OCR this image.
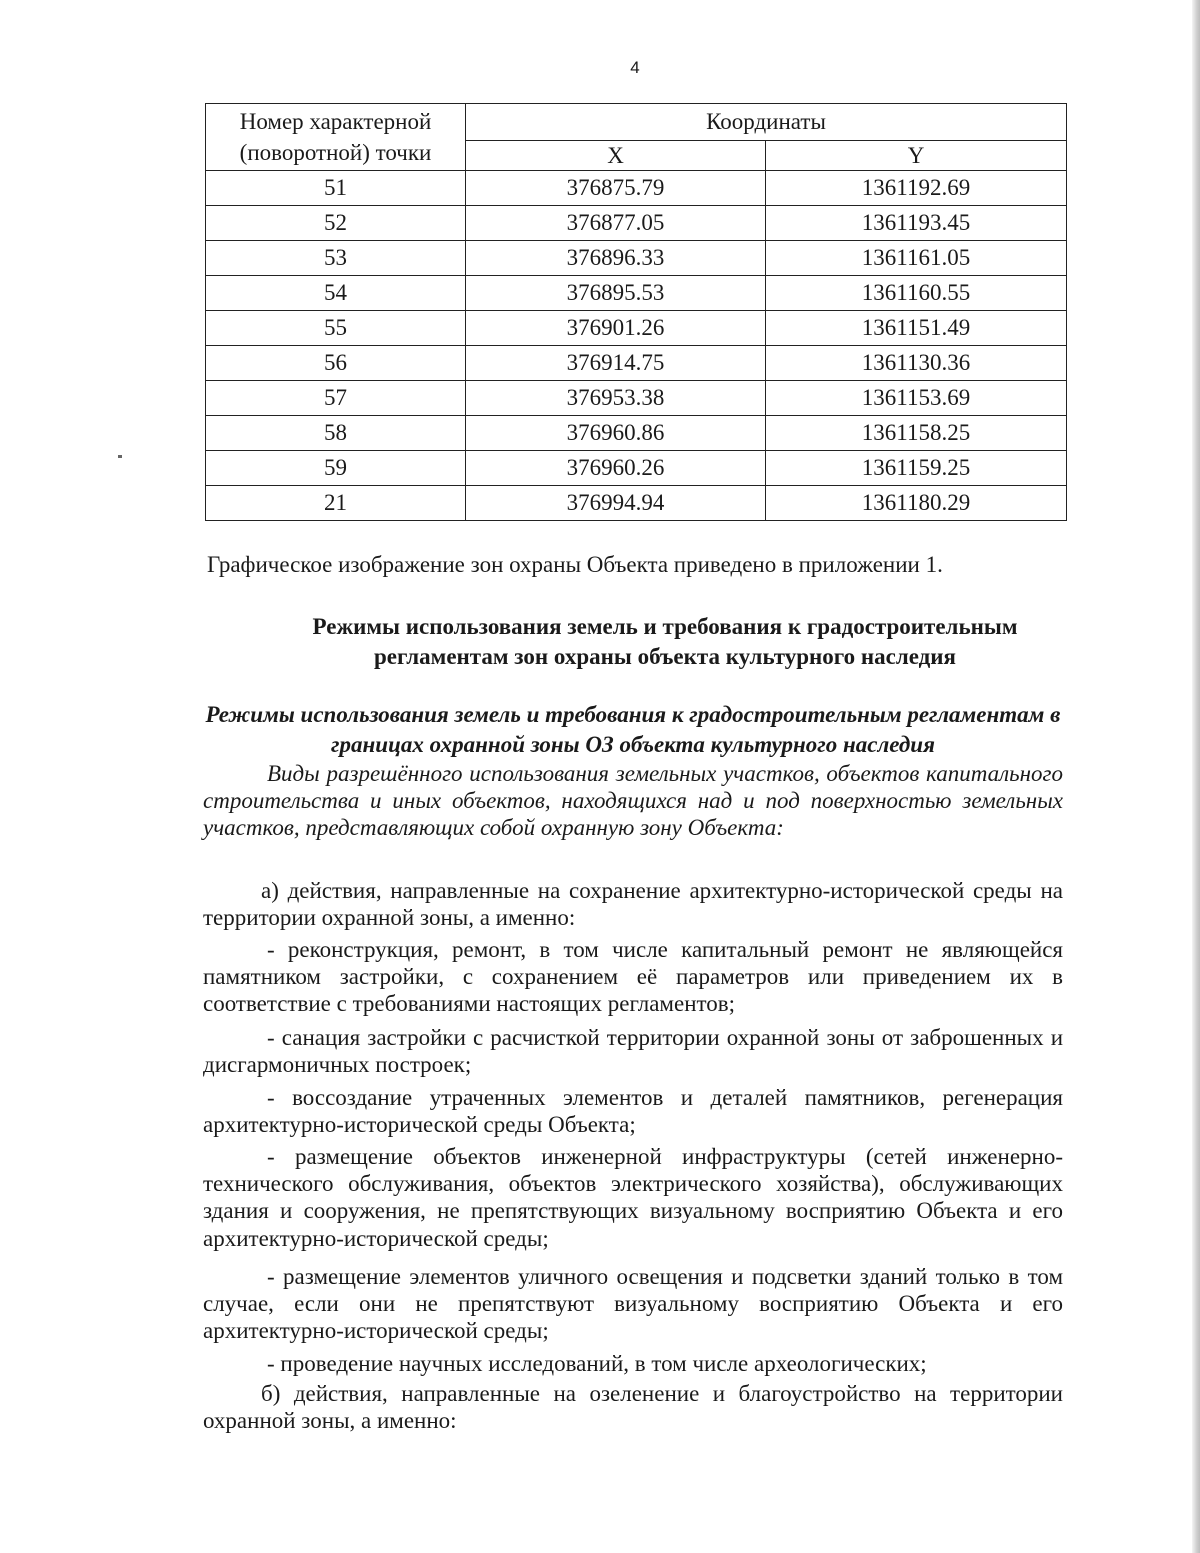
4
Номер характерной (поворотной) точки	Координаты	
	X	Y
51	376875.79	1361192.69
52	376877.05	1361193.45
53	376896.33	1361161.05
54	376895.53	1361160.55
55	376901.26	1361151.49
56	376914.75	1361130.36
57	376953.38	1361153.69
58	376960.86	1361158.25
59	376960.26	1361159.25
21	376994.94	1361180.29
Графическое изображение зон охраны Объекта приведено в приложении 1.
Режимы использования земель и требования к градостроительным регламентам зон охраны объекта культурного наследия
Режимы использования земель и требования к градостроительным регламентам в границах охранной зоны ОЗ объекта культурного наследия
Виды разрешённого использования земельных участков, объектов капитального строительства и иных объектов, находящихся над и под поверхностью земельных участков, представляющих собой охранную зону Объекта:
а) действия, направленные на сохранение архитектурно-исторической среды на территории охранной зоны, а именно:
- реконструкция, ремонт, в том числе капитальный ремонт не являющейся памятником застройки, с сохранением её параметров или приведением их в соответствие с требованиями настоящих регламентов;
- санация застройки с расчисткой территории охранной зоны от заброшенных и дисгармоничных построек;
- воссоздание утраченных элементов и деталей памятников, регенерация архитектурно-исторической среды Объекта;
- размещение объектов инженерной инфраструктуры (сетей инженерно-технического обслуживания, объектов электрического хозяйства), обслуживающих здания и сооружения, не препятствующих визуальному восприятию Объекта и его архитектурно-исторической среды;
- размещение элементов уличного освещения и подсветки зданий только в том случае, если они не препятствуют визуальному восприятию Объекта и его архитектурно-исторической среды;
- проведение научных исследований, в том числе археологических;
б) действия, направленные на озеленение и благоустройство на территории охранной зоны, а именно:
